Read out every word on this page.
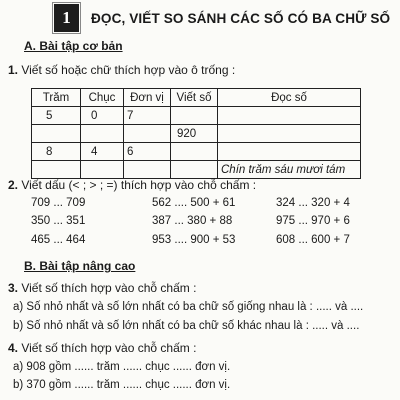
1	ĐỌC, VIẾT SO SÁNH CÁC SỐ CÓ BA CHỮ SỐ
A. Bài tập cơ bản
1. Viết số hoặc chữ thích hợp vào ô trống :
Trăm	Chục	Đơn vị	Viết số	Đọc số
5	0	7		
			920	
8	4	6		
				Chín trăm sáu mươi tám
2. Viết dấu (< ; > ; =) thích hợp vào chỗ chấm :
709 ... 709	562 .... 500 + 61	324 ... 320 + 4
350 ... 351	387 ... 380 + 88	975 ... 970 + 6
465 ... 464	953 .... 900 + 53	608 ... 600 + 7
B. Bài tập nâng cao
3. Viết số thích hợp vào chỗ chấm :
a) Số nhỏ nhất và số lớn nhất có ba chữ số giống nhau là : ..... và ....
b) Số nhỏ nhất và số lớn nhất có ba chữ số khác nhau là : ..... và ....
4. Viết số thích hợp vào chỗ chấm :
a) 908 gồm ...... trăm ...... chục ...... đơn vị.
b) 370 gồm ...... trăm ...... chục ...... đơn vị.
